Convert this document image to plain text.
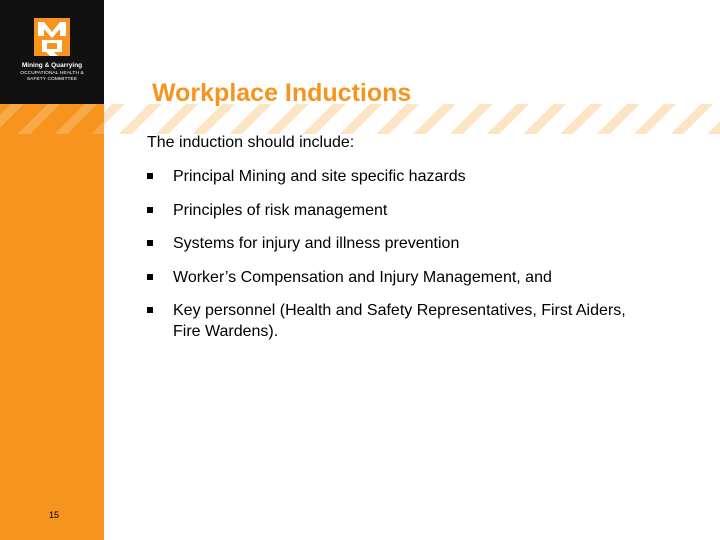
Mining & Quarrying
OCCUPATIONAL HEALTH &
SAFETY COMMITTEE	Workplace Inductions
The induction should include:
Principal Mining and site specific hazards
Principles of risk management
Systems for injury and illness prevention
Worker’s Compensation and Injury Management, and
Key personnel (Health and Safety Representatives, First Aiders, Fire Wardens).
15
